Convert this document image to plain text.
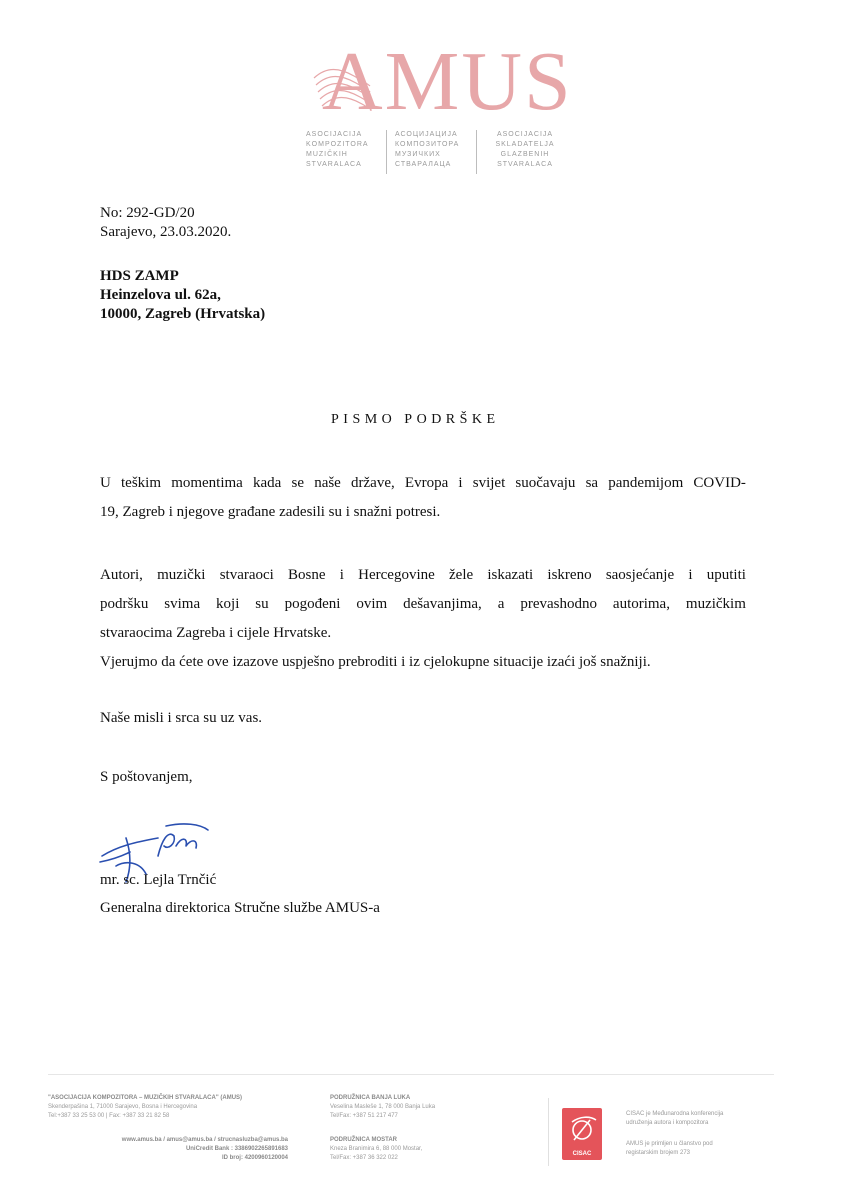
AMUS
ASOCIJACIJA
KOMPOZITORA
MUZIČKIH
STVARALACA
АСОЦИЈАЦИЈА
КОМПОЗИТОРА
МУЗИЧКИХ
СТВАРАЛАЦА
ASOCIJACIJA
SKLADATELJA
GLAZBENIH
STVARALACA
No: 292-GD/20
Sarajevo, 23.03.2020.
HDS ZAMP
Heinzelova ul. 62a,
10000, Zagreb (Hrvatska)
PISMO PODRŠKE
U teškim momentima kada se naše države, Evropa i svijet suočavaju sa pandemijom COVID-
19, Zagreb i njegove građane zadesili su i snažni potresi.
Autori, muzički stvaraoci Bosne i Hercegovine žele iskazati iskreno saosjećanje i uputiti
podršku svima koji su pogođeni ovim dešavanjima, a prevashodno autorima, muzičkim
stvaraocima Zagreba i cijele Hrvatske.
Vjerujmo da ćete ove izazove uspješno prebroditi i iz cjelokupne situacije izaći još snažniji.
Naše misli i srca su uz vas.
S poštovanjem,
mr. sc. Lejla Trnčić
Generalna direktorica Stručne službe AMUS-a
"ASOCIJACIJA KOMPOZITORA – MUZIČKIH STVARALACA" (AMUS)
Skenderpašina 1, 71000 Sarajevo, Bosna i Hercegovina
Tel:+387 33 25 53 00 | Fax: +387 33 21 82 58
www.amus.ba / amus@amus.ba / strucnasluzba@amus.ba
UniCredit Bank : 3386902265891683
ID broj: 4200960120004
PODRUŽNICA BANJA LUKA
Veselina Masleše 1, 78 000 Banja Luka
Tel/Fax: +387 51 217 477
PODRUŽNICA MOSTAR
Kneza Branimira 6, 88 000 Mostar,
Tel/Fax: +387 36 322 022
CISAC
CISAC je Međunarodna konferencija
udruženja autora i kompozitora
AMUS je primljen u članstvo pod
registarskim brojem 273
